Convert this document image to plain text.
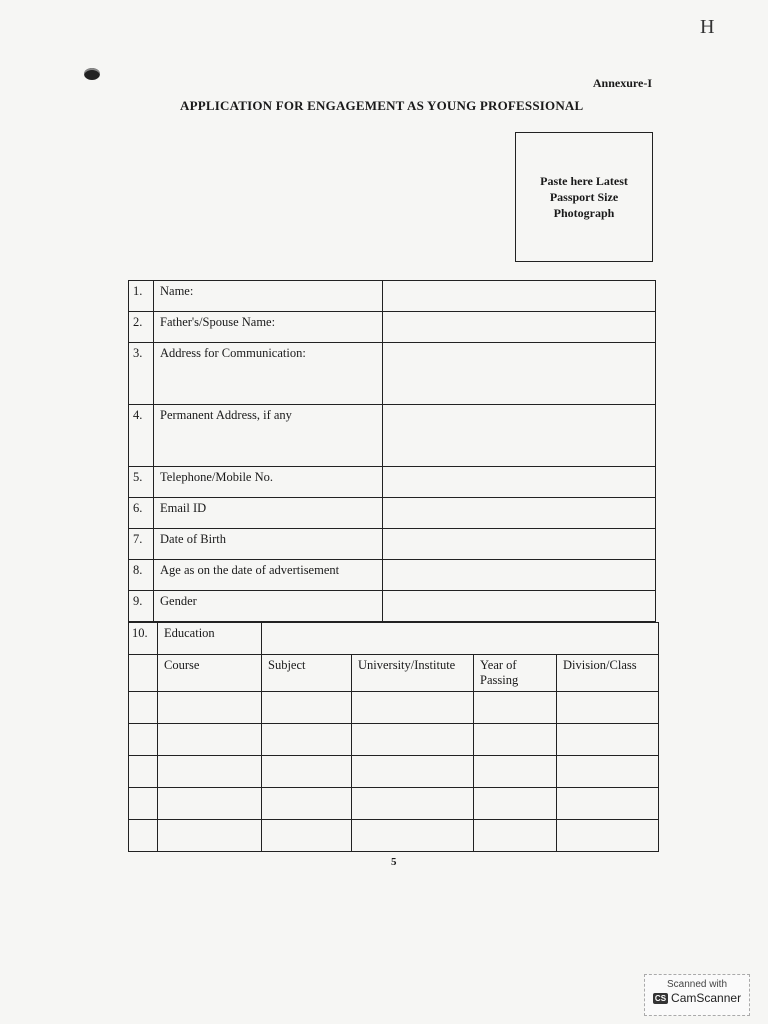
H
Annexure-I
APPLICATION FOR ENGAGEMENT AS YOUNG PROFESSIONAL
Paste here Latest
Passport Size
Photograph
1.	Name:	
2.	Father's/Spouse Name:	
3.	Address for Communication:	
4.	Permanent Address, if any	
5.	Telephone/Mobile No.	
6.	Email ID	
7.	Date of Birth	
8.	Age as on the date of advertisement	
9.	Gender	
10.	Education				
	Course	Subject	University/Institute	Year of Passing	Division/Class

5
Scanned with
CS CamScanner
